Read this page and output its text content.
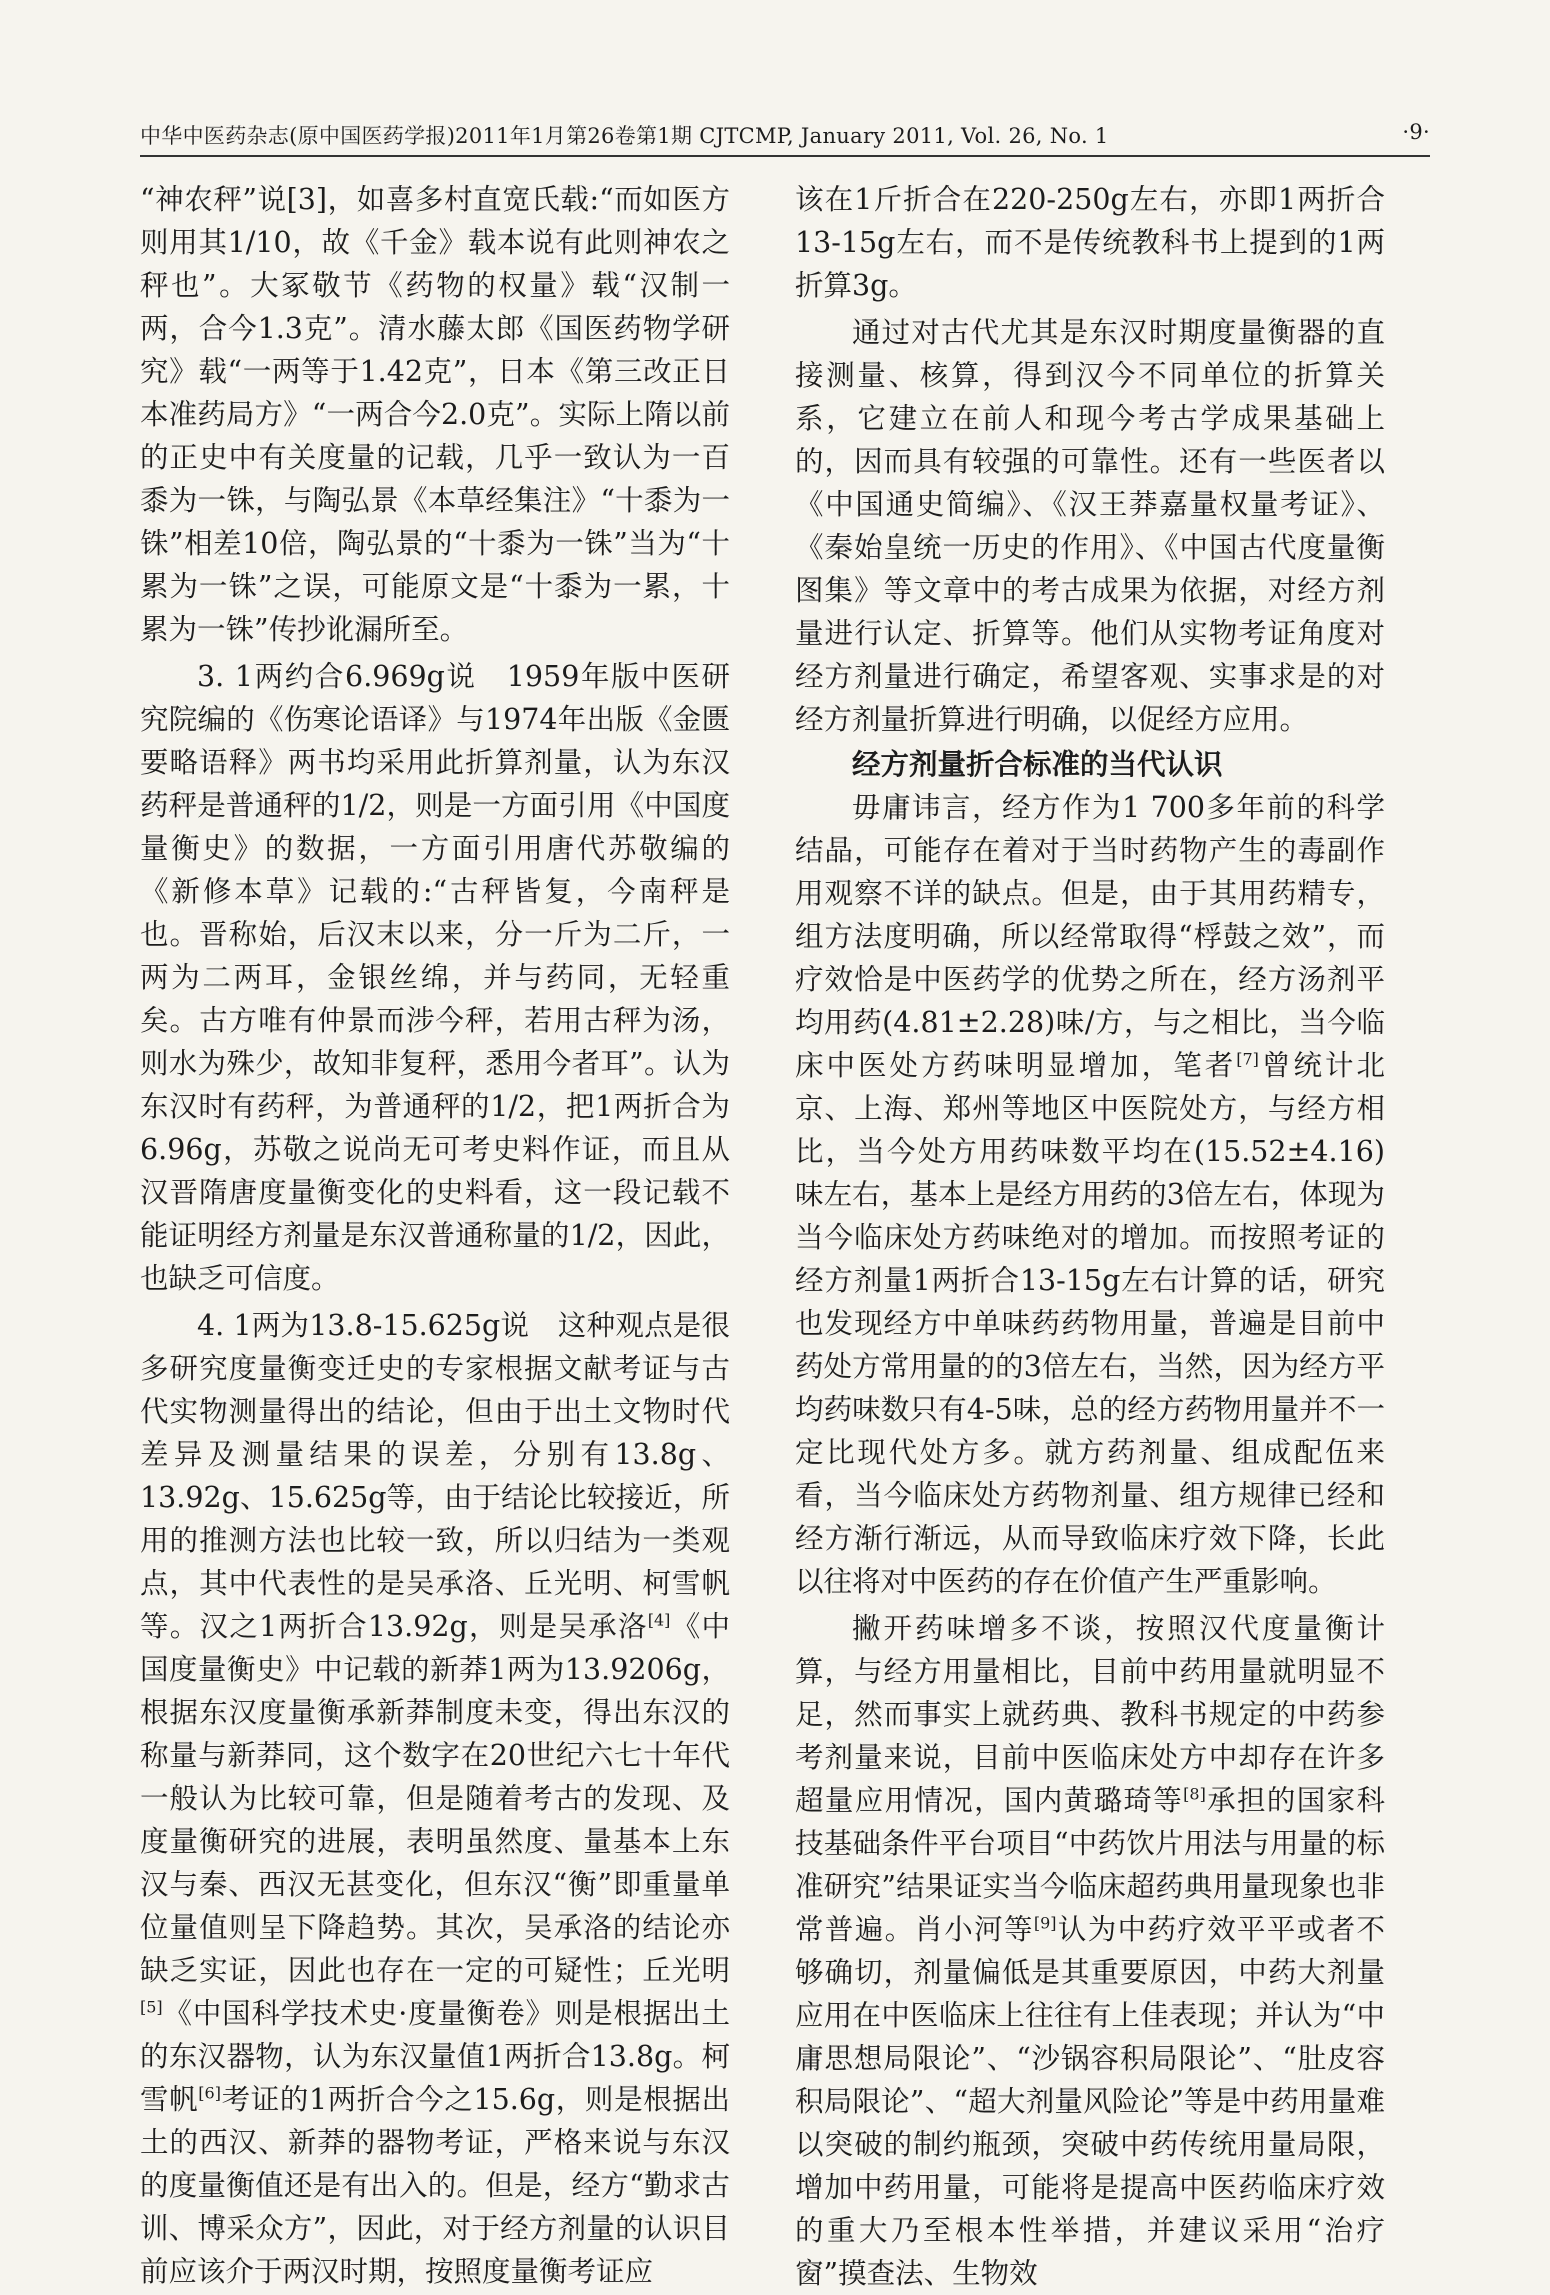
中华中医药杂志(原中国医药学报)2011年1月第26卷第1期 CJTCMP, January 2011, Vol. 26, No. 1	·9·

“神农秤”说[3]，如喜多村直宽氏载:“而如医方则用其1/10，故《千金》载本说有此则神农之秤也”。大冢敬节《药物的权量》载“汉制一两，合今1.3克”。清水藤太郎《国医药物学研究》载“一两等于1.42克”，日本《第三改正日本准药局方》“一两合今2.0克”。实际上隋以前的正史中有关度量的记载，几乎一致认为一百黍为一铢，与陶弘景《本草经集注》“十黍为一铢”相差10倍，陶弘景的“十黍为一铢”当为“十累为一铢”之误，可能原文是“十黍为一累，十累为一铢”传抄讹漏所至。

3. 1两约合6.969g说　1959年版中医研究院编的《伤寒论语译》与1974年出版《金匮要略语释》两书均采用此折算剂量，认为东汉药秤是普通秤的1/2，则是一方面引用《中国度量衡史》的数据，一方面引用唐代苏敬编的《新修本草》记载的:“古秤皆复，今南秤是也。晋称始，后汉末以来，分一斤为二斤，一两为二两耳，金银丝绵，并与药同，无轻重矣。古方唯有仲景而涉今秤，若用古秤为汤，则水为殊少，故知非复秤，悉用今者耳”。认为东汉时有药秤，为普通秤的1/2，把1两折合为6.96g，苏敬之说尚无可考史料作证，而且从汉晋隋唐度量衡变化的史料看，这一段记载不能证明经方剂量是东汉普通称量的1/2，因此，也缺乏可信度。

4. 1两为13.8-15.625g说　这种观点是很多研究度量衡变迁史的专家根据文献考证与古代实物测量得出的结论，但由于出土文物时代差异及测量结果的误差，分别有13.8g、13.92g、15.625g等，由于结论比较接近，所用的推测方法也比较一致，所以归结为一类观点，其中代表性的是吴承洛、丘光明、柯雪帆等。汉之1两折合13.92g，则是吴承洛[4]《中国度量衡史》中记载的新莽1两为13.9206g，根据东汉度量衡承新莽制度未变，得出东汉的称量与新莽同，这个数字在20世纪六七十年代一般认为比较可靠，但是随着考古的发现、及度量衡研究的进展，表明虽然度、量基本上东汉与秦、西汉无甚变化，但东汉“衡”即重量单位量值则呈下降趋势。其次，吴承洛的结论亦缺乏实证，因此也存在一定的可疑性；丘光明[5]《中国科学技术史·度量衡卷》则是根据出土的东汉器物，认为东汉量值1两折合13.8g。柯雪帆[6]考证的1两折合今之15.6g，则是根据出土的西汉、新莽的器物考证，严格来说与东汉的度量衡值还是有出入的。但是，经方“勤求古训、博采众方”，因此，对于经方剂量的认识目前应该介于两汉时期，按照度量衡考证应

该在1斤折合在220-250g左右，亦即1两折合13-15g左右，而不是传统教科书上提到的1两折算3g。

通过对古代尤其是东汉时期度量衡器的直接测量、核算，得到汉今不同单位的折算关系，它建立在前人和现今考古学成果基础上的，因而具有较强的可靠性。还有一些医者以《中国通史简编》、《汉王莽嘉量权量考证》、《秦始皇统一历史的作用》、《中国古代度量衡图集》等文章中的考古成果为依据，对经方剂量进行认定、折算等。他们从实物考证角度对经方剂量进行确定，希望客观、实事求是的对经方剂量折算进行明确，以促经方应用。

经方剂量折合标准的当代认识

毋庸讳言，经方作为1 700多年前的科学结晶，可能存在着对于当时药物产生的毒副作用观察不详的缺点。但是，由于其用药精专，组方法度明确，所以经常取得“桴鼓之效”，而疗效恰是中医药学的优势之所在，经方汤剂平均用药(4.81±2.28)味/方，与之相比，当今临床中医处方药味明显增加，笔者[7]曾统计北京、上海、郑州等地区中医院处方，与经方相比，当今处方用药味数平均在(15.52±4.16)味左右，基本上是经方用药的3倍左右，体现为当今临床处方药味绝对的增加。而按照考证的经方剂量1两折合13-15g左右计算的话，研究也发现经方中单味药药物用量，普遍是目前中药处方常用量的的3倍左右，当然，因为经方平均药味数只有4-5味，总的经方药物用量并不一定比现代处方多。就方药剂量、组成配伍来看，当今临床处方药物剂量、组方规律已经和经方渐行渐远，从而导致临床疗效下降，长此以往将对中医药的存在价值产生严重影响。

撇开药味增多不谈，按照汉代度量衡计算，与经方用量相比，目前中药用量就明显不足，然而事实上就药典、教科书规定的中药参考剂量来说，目前中医临床处方中却存在许多超量应用情况，国内黄璐琦等[8]承担的国家科技基础条件平台项目“中药饮片用法与用量的标准研究”结果证实当今临床超药典用量现象也非常普遍。肖小河等[9]认为中药疗效平平或者不够确切，剂量偏低是其重要原因，中药大剂量应用在中医临床上往往有上佳表现；并认为“中庸思想局限论”、“沙锅容积局限论”、“肚皮容积局限论”、“超大剂量风险论”等是中药用量难以突破的制约瓶颈，突破中药传统用量局限，增加中药用量，可能将是提高中医药临床疗效的重大乃至根本性举措，并建议采用“治疗窗”摸查法、生物效
